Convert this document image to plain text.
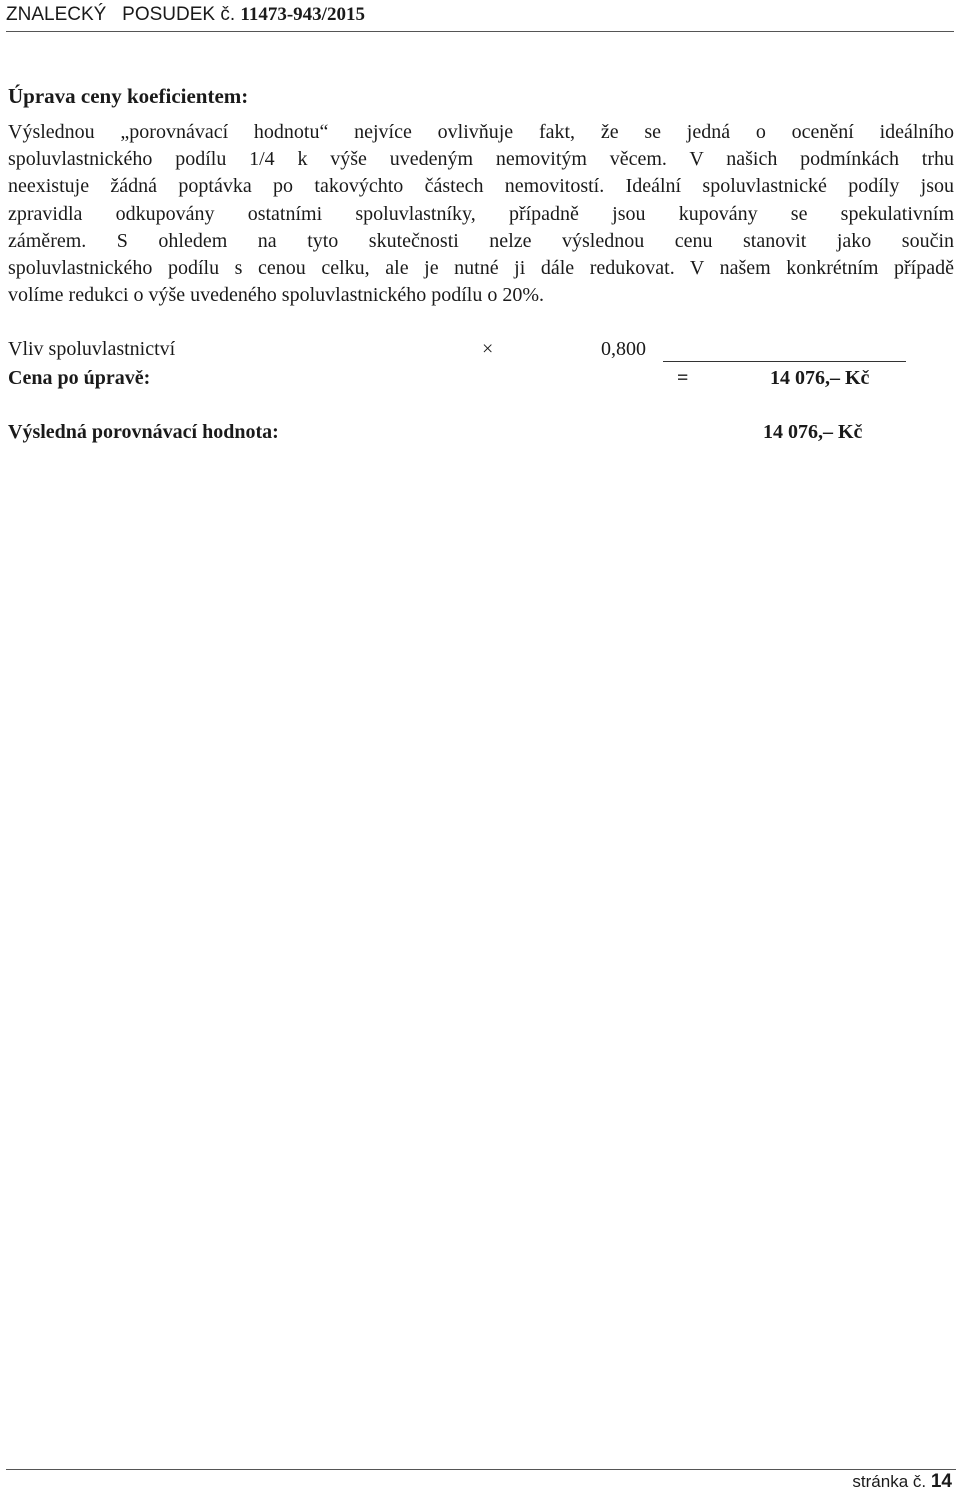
ZNALECKÝ   POSUDEK č. 11473-943/2015
Úprava ceny koeficientem:
Výslednou „porovnávací hodnotu“ nejvíce ovlivňuje fakt, že se jedná o ocenění ideálního
spoluvlastnického podílu 1/4 k výše uvedeným nemovitým věcem. V našich podmínkách trhu
neexistuje žádná poptávka po takovýchto částech nemovitostí. Ideální spoluvlastnické podíly jsou
zpravidla odkupovány ostatními spoluvlastníky, případně jsou kupovány se spekulativním
záměrem. S ohledem na tyto skutečnosti nelze výslednou cenu stanovit jako součin
spoluvlastnického podílu s cenou celku, ale je nutné ji dále redukovat. V našem konkrétním případě
volíme redukci o výše uvedeného spoluvlastnického podílu o 20%.
Vliv spoluvlastnictví	×	0,800
Cena po úpravě:	=	14 076,– Kč
Výsledná porovnávací hodnota:	14 076,– Kč
stránka č. 14
